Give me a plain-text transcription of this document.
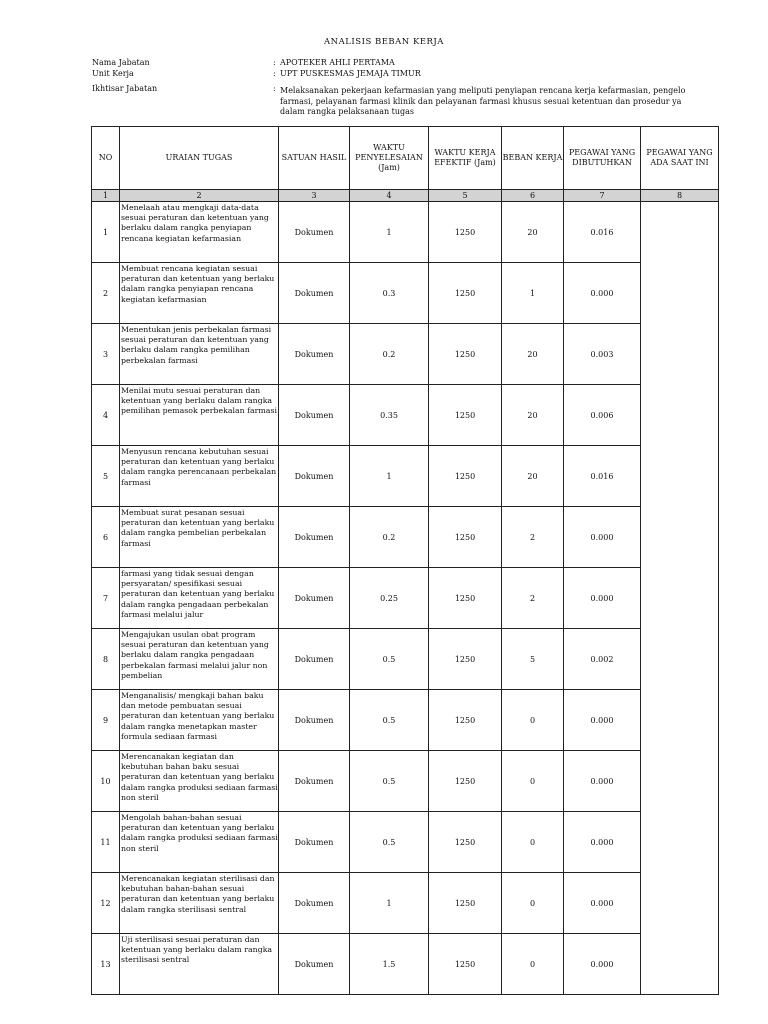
ANALISIS BEBAN KERJA
Nama Jabatan	: APOTEKER AHLI PERTAMA
Unit Kerja	: UPT PUSKESMAS JEMAJA TIMUR
Ikhtisar Jabatan	: Melaksanakan pekerjaan kefarmasian yang meliputi penyiapan rencana kerja kefarmasian, pengelo
farmasi, pelayanan farmasi klinik dan pelayanan farmasi khusus sesuai ketentuan dan prosedur ya
dalam rangka pelaksanaan tugas
NO	URAIAN TUGAS	SATUAN HASIL	WAKTU PENYELESAIAN (Jam)	WAKTU KERJA EFEKTIF (Jam)	BEBAN KERJA	PEGAWAI YANG DIBUTUHKAN	PEGAWAI YANG ADA SAAT INI
1	2	3	4	5	6	7	8
1	Menelaah atau mengkaji data-data sesuai peraturan dan ketentuan yang berlaku dalam rangka penyiapan rencana kegiatan kefarmasian	Dokumen	1	1250	20	0.016	
2	Membuat rencana kegiatan sesuai peraturan dan ketentuan yang berlaku dalam rangka penyiapan rencana kegiatan kefarmasian	Dokumen	0.3	1250	1	0.000	
3	Menentukan jenis perbekalan farmasi sesuai peraturan dan ketentuan yang berlaku dalam rangka pemilihan perbekalan farmasi	Dokumen	0.2	1250	20	0.003	
4	Menilai mutu sesuai peraturan dan ketentuan yang berlaku dalam rangka pemilihan pemasok perbekalan farmasi	Dokumen	0.35	1250	20	0.006	
5	Menyusun rencana kebutuhan sesuai peraturan dan ketentuan yang berlaku dalam rangka perencanaan perbekalan farmasi	Dokumen	1	1250	20	0.016	
6	Membuat surat pesanan sesuai peraturan dan ketentuan yang berlaku dalam rangka pembelian perbekalan farmasi	Dokumen	0.2	1250	2	0.000	
7	farmasi yang tidak sesuai dengan persyaratan/ spesifikasi sesuai peraturan dan ketentuan yang berlaku dalam rangka pengadaan perbekalan farmasi melalui jalur	Dokumen	0.25	1250	2	0.000	
8	Mengajukan usulan obat program sesuai peraturan dan ketentuan yang berlaku dalam rangka pengadaan perbekalan farmasi melalui jalur non pembelian	Dokumen	0.5	1250	5	0.002	
9	Menganalisis/ mengkaji bahan baku dan metode pembuatan sesuai peraturan dan ketentuan yang berlaku dalam rangka menetapkan master formula sediaan farmasi	Dokumen	0.5	1250	0	0.000	
10	Merencanakan kegiatan dan kebutuhan bahan baku sesuai peraturan dan ketentuan yang berlaku dalam rangka produksi sediaan farmasi non steril	Dokumen	0.5	1250	0	0.000	
11	Mengolah bahan-bahan sesuai peraturan dan ketentuan yang berlaku dalam rangka produksi sediaan farmasi non steril	Dokumen	0.5	1250	0	0.000	
12	Merencanakan kegiatan sterilisasi dan kebutuhan bahan-bahan sesuai peraturan dan ketentuan yang berlaku dalam rangka sterilisasi sentral	Dokumen	1	1250	0	0.000	
13	Uji sterilisasi sesuai peraturan dan ketentuan yang berlaku dalam rangka sterilisasi sentral	Dokumen	1.5	1250	0	0.000	
